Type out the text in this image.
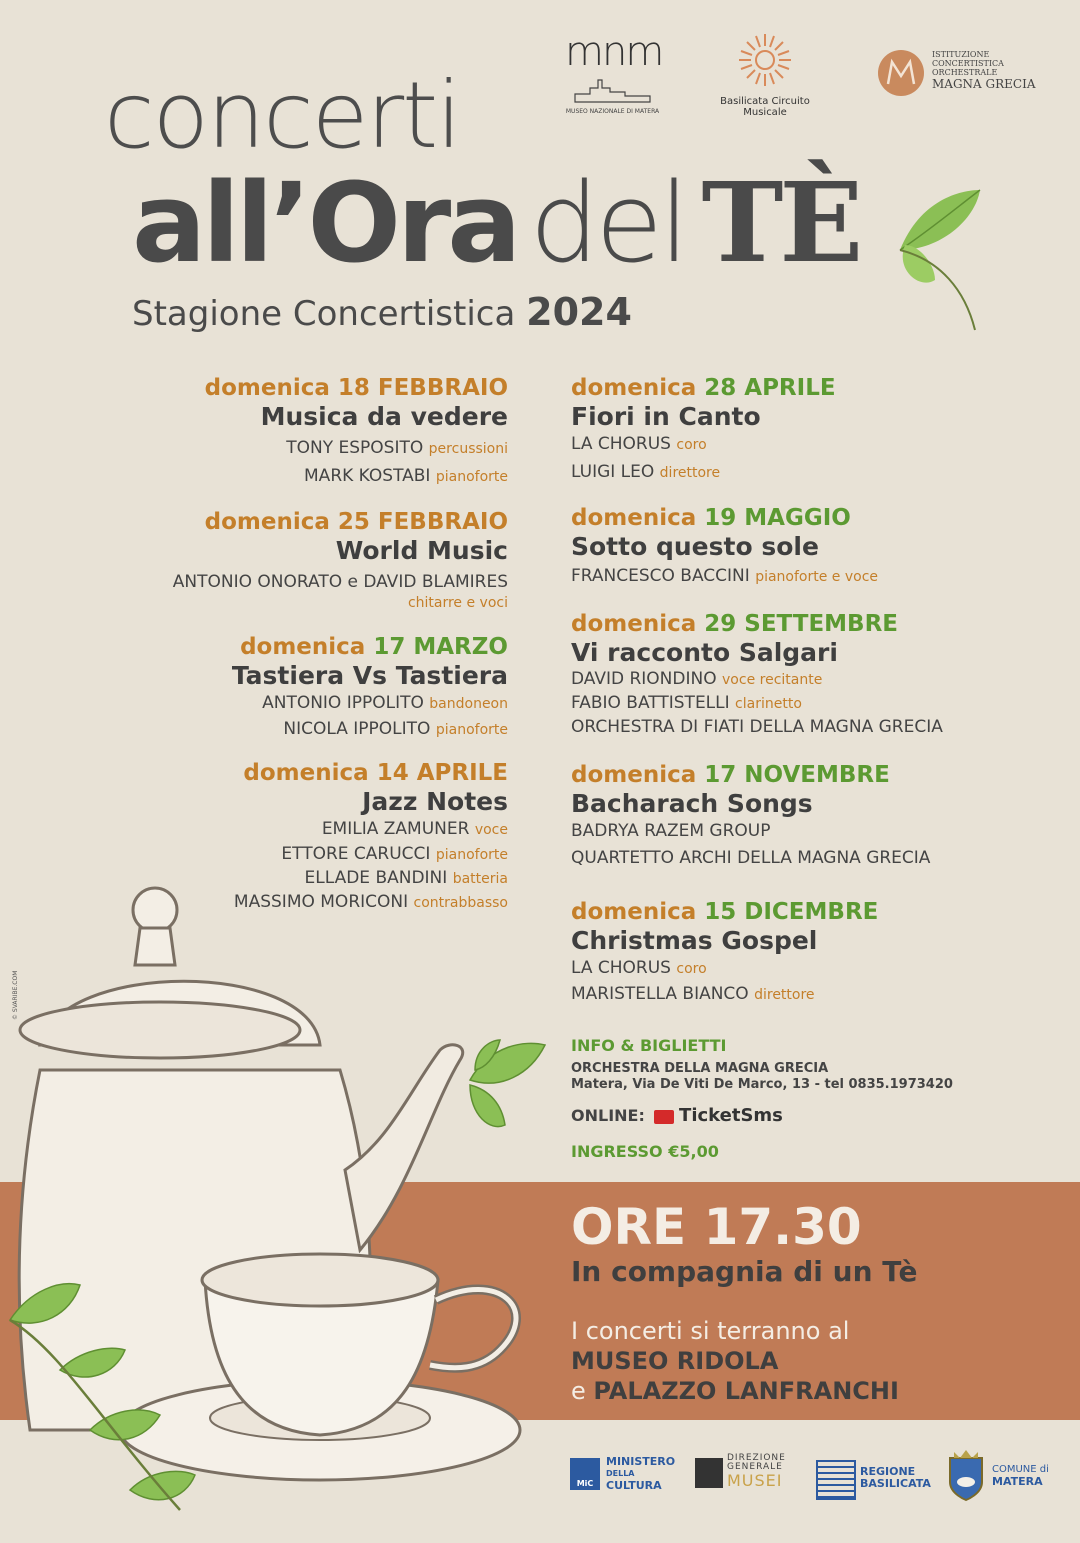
mnm
MUSEO NAZIONALE DI MATERA
Basilicata Circuito Musicale
ISTITUZIONE
CONCERTISTICA
ORCHESTRALE
MAGNA GRECIA
concerti
all’Ora del TÈ
Stagione Concertistica 2024
© SVARIBE.COM
domenica 18 FEBBRAIO
Musica da vedere
TONY ESPOSITO percussioni
MARK KOSTABI pianoforte
domenica 25 FEBBRAIO
World Music
ANTONIO ONORATO e DAVID BLAMIRES
chitarre e voci
domenica 17 MARZO
Tastiera Vs Tastiera
ANTONIO IPPOLITO bandoneon
NICOLA IPPOLITO pianoforte
domenica 14 APRILE
Jazz Notes
EMILIA ZAMUNER voce
ETTORE CARUCCI pianoforte
ELLADE BANDINI batteria
MASSIMO MORICONI contrabbasso
domenica 28 APRILE
Fiori in Canto
LA CHORUS coro
LUIGI LEO direttore
domenica 19 MAGGIO
Sotto questo sole
FRANCESCO BACCINI pianoforte e voce
domenica 29 SETTEMBRE
Vi racconto Salgari
DAVID RIONDINO voce recitante
FABIO BATTISTELLI clarinetto
ORCHESTRA DI FIATI DELLA MAGNA GRECIA
domenica 17 NOVEMBRE
Bacharach Songs
BADRYA RAZEM GROUP
QUARTETTO ARCHI DELLA MAGNA GRECIA
domenica 15 DICEMBRE
Christmas Gospel
LA CHORUS coro
MARISTELLA BIANCO direttore
INFO & BIGLIETTI
ORCHESTRA DELLA MAGNA GRECIA
Matera, Via De Viti De Marco, 13 - tel 0835.1973420
ONLINE: TicketSms
INGRESSO €5,00
ORE 17.30
In compagnia di un Tè
I concerti si terranno al
MUSEO RIDOLA
e PALAZZO LANFRANCHI
MiC
MINISTERO
DELLA
CULTURA
DIREZIONE
GENERALE
MUSEI	REGIONE
BASILICATA
COMUNE di
MATERA
